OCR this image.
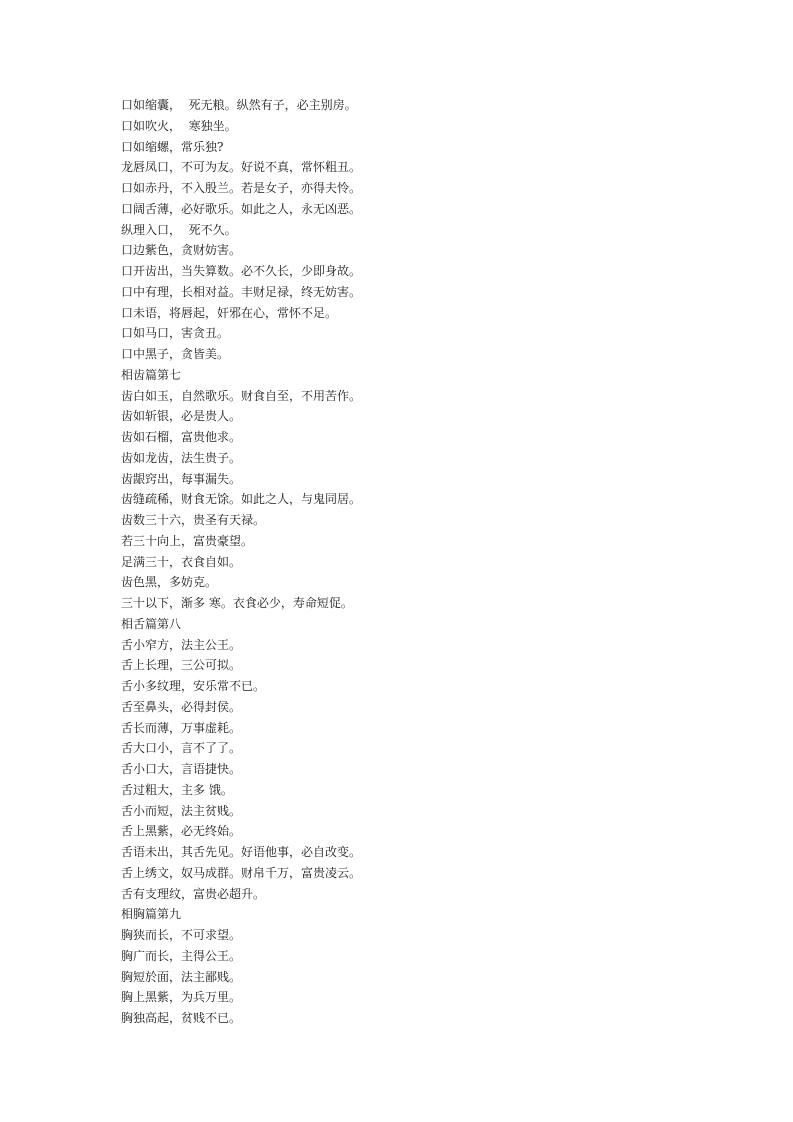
口如缩囊，  死无粮。纵然有子，必主别房。
口如吹火，  寒独坐。
口如缩螺，常乐独?
龙唇凤口，不可为友。好说不真，常怀粗丑。
口如赤丹，不入殷兰。若是女子，亦得夫怜。
口阔舌薄，必好歌乐。如此之人，永无凶恶。
纵理入口，  死不久。
口边紫色，贪财妨害。
口开齿出，当失算数。必不久长，少即身故。
口中有理，长相对益。丰财足禄，终无妨害。
口未语，将唇起，奸邪在心，常怀不足。
口如马口，害贪丑。
口中黑子，贪皆美。
相齿篇第七
齿白如玉，自然歌乐。财食自至，不用苦作。
齿如斩银，必是贵人。
齿如石榴，富贵他求。
齿如龙齿，法生贵子。
齿龈窍出，每事漏失。
齿缝疏稀，财食无馀。如此之人，与鬼同居。
齿数三十六，贵圣有天禄。
若三十向上，富贵豪望。
足满三十，衣食自如。
齿色黑，多妨克。
三十以下，渐多 寒。衣食必少，寿命短促。
相舌篇第八
舌小窄方，法主公王。
舌上长理，三公可拟。
舌小多纹理，安乐常不已。
舌至鼻头，必得封侯。
舌长而薄，万事虚耗。
舌大口小，言不了了。
舌小口大，言语捷快。
舌过粗大，主多 饿。
舌小而短，法主贫贱。
舌上黑紫，必无终始。
舌语未出，其舌先见。好语他事，必自改变。
舌上绣文，奴马成群。财帛千万，富贵凌云。
舌有支理纹，富贵必超升。
相胸篇第九
胸狭而长，不可求望。
胸广而长，主得公王。
胸短於面，法主鄙贱。
胸上黑紫，为兵万里。
胸独高起，贫贱不已。
